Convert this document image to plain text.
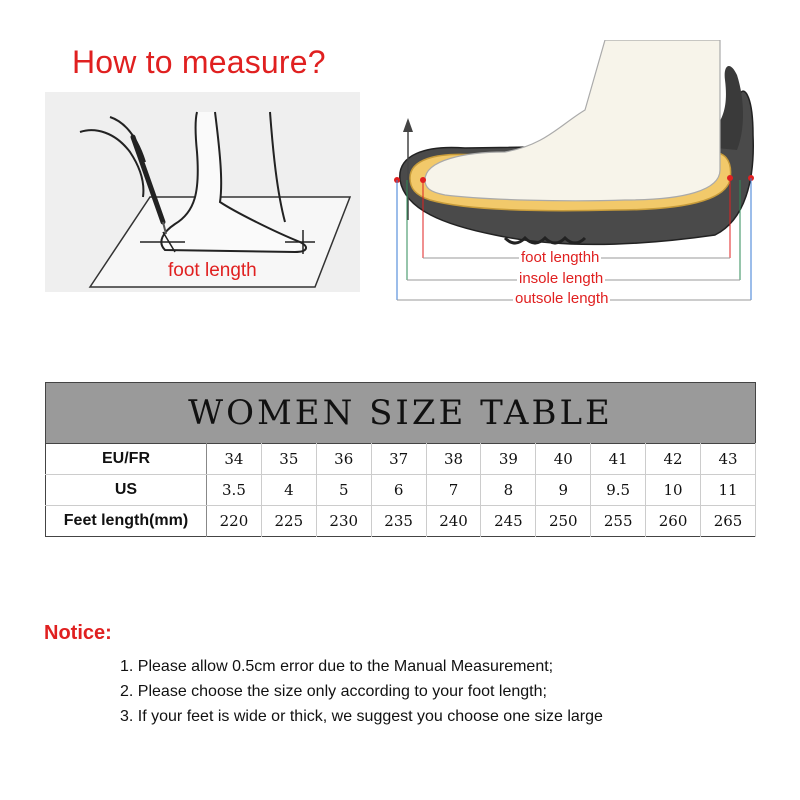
How to measure?
foot length
foot lengthh
insole length
outsole length
WOMEN SIZE TABLE
EU/FR	34	35	36	37	38	39	40	41	42	43
US	3.5	4	5	6	7	8	9	9.5	10	11
Feet length(mm)	220	225	230	235	240	245	250	255	260	265
Notice:
1. Please allow 0.5cm error due to the Manual Measurement;
2. Please choose the size only according to your foot length;
3. If your feet is wide or thick, we suggest you choose one size large
